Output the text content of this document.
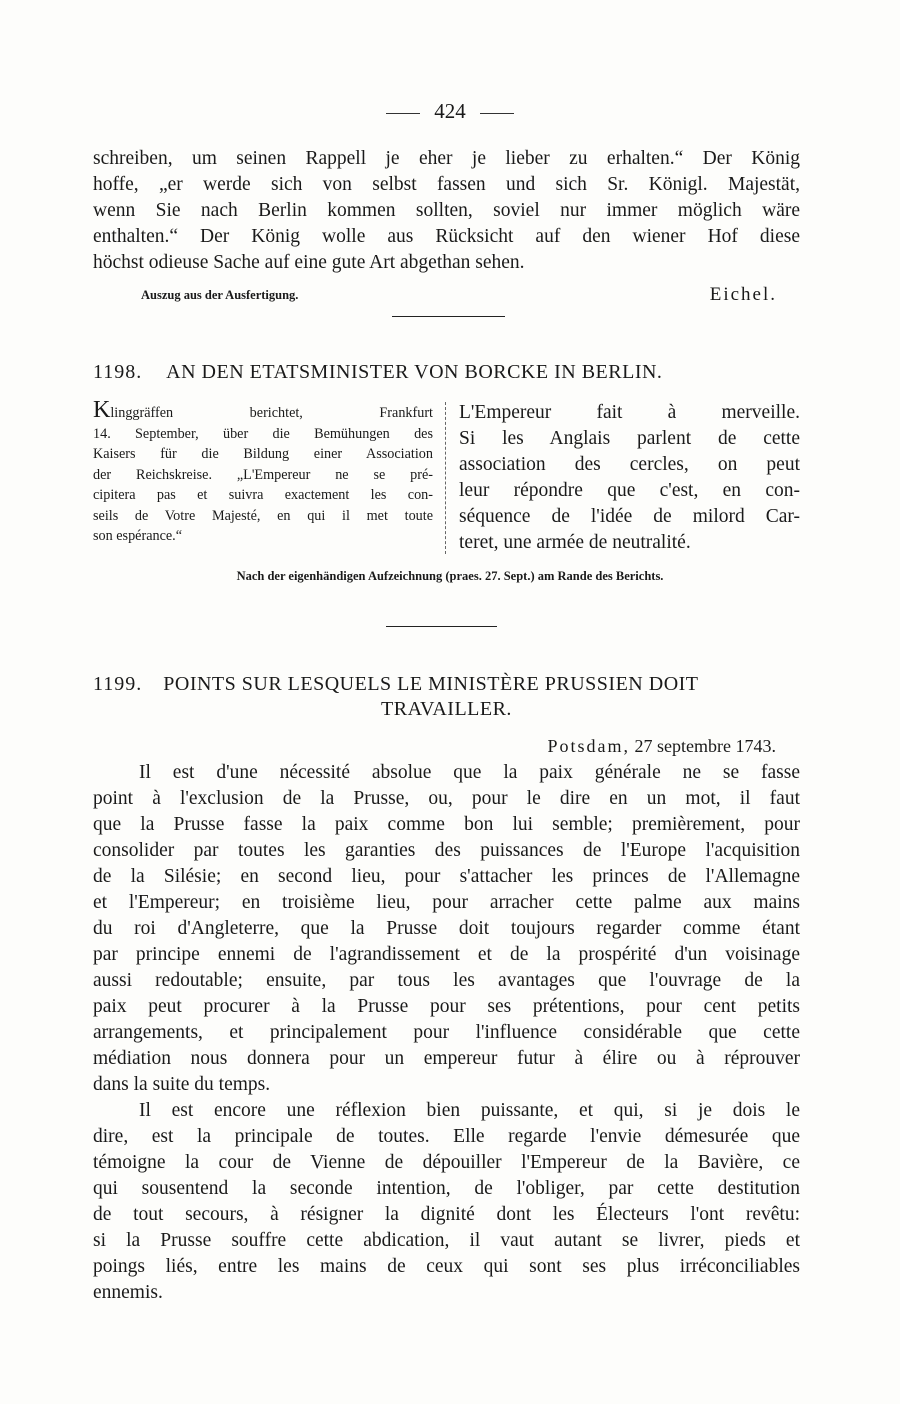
424

schreiben, um seinen Rappell je eher je lieber zu erhalten.“ Der König
hoffe, „er werde sich von selbst fassen und sich Sr. Königl. Majestät,
wenn Sie nach Berlin kommen sollten, soviel nur immer möglich wäre
enthalten.“ Der König wolle aus Rücksicht auf den wiener Hof diese
höchst odieuse Sache auf eine gute Art abgethan sehen.

Auszug aus der Ausfertigung.	Eichel.
1198. AN DEN ETATSMINISTER VON BORCKE IN BERLIN.
Klinggräffen berichtet, Frankfurt
14. September, über die Bemühungen des
Kaisers für die Bildung einer Association
der Reichskreise. „L'Empereur ne se pré-
cipitera pas et suivra exactement les con-
seils de Votre Majesté, en qui il met toute
son espérance.“
L'Empereur fait à merveille.
Si les Anglais parlent de cette
association des cercles, on peut
leur répondre que c'est, en con-
séquence de l'idée de milord Car-
teret, une armée de neutralité.
Nach der eigenhändigen Aufzeichnung (praes. 27. Sept.) am Rande des Berichts.
1199. POINTS SUR LESQUELS LE MINISTÈRE PRUSSIEN DOIT
TRAVAILLER.
Potsdam, 27 septembre 1743.

Il est d'une nécessité absolue que la paix générale ne se fasse
point à l'exclusion de la Prusse, ou, pour le dire en un mot, il faut
que la Prusse fasse la paix comme bon lui semble; premièrement, pour
consolider par toutes les garanties des puissances de l'Europe l'acquisition
de la Silésie; en second lieu, pour s'attacher les princes de l'Allemagne
et l'Empereur; en troisième lieu, pour arracher cette palme aux mains
du roi d'Angleterre, que la Prusse doit toujours regarder comme étant
par principe ennemi de l'agrandissement et de la prospérité d'un voisinage
aussi redoutable; ensuite, par tous les avantages que l'ouvrage de la
paix peut procurer à la Prusse pour ses prétentions, pour cent petits
arrangements, et principalement pour l'influence considérable que cette
médiation nous donnera pour un empereur futur à élire ou à réprouver
dans la suite du temps.

Il est encore une réflexion bien puissante, et qui, si je dois le
dire, est la principale de toutes. Elle regarde l'envie démesurée que
témoigne la cour de Vienne de dépouiller l'Empereur de la Bavière, ce
qui sousentend la seconde intention, de l'obliger, par cette destitution
de tout secours, à résigner la dignité dont les Électeurs l'ont revêtu:
si la Prusse souffre cette abdication, il vaut autant se livrer, pieds et
poings liés, entre les mains de ceux qui sont ses plus irréconciliables
ennemis.
